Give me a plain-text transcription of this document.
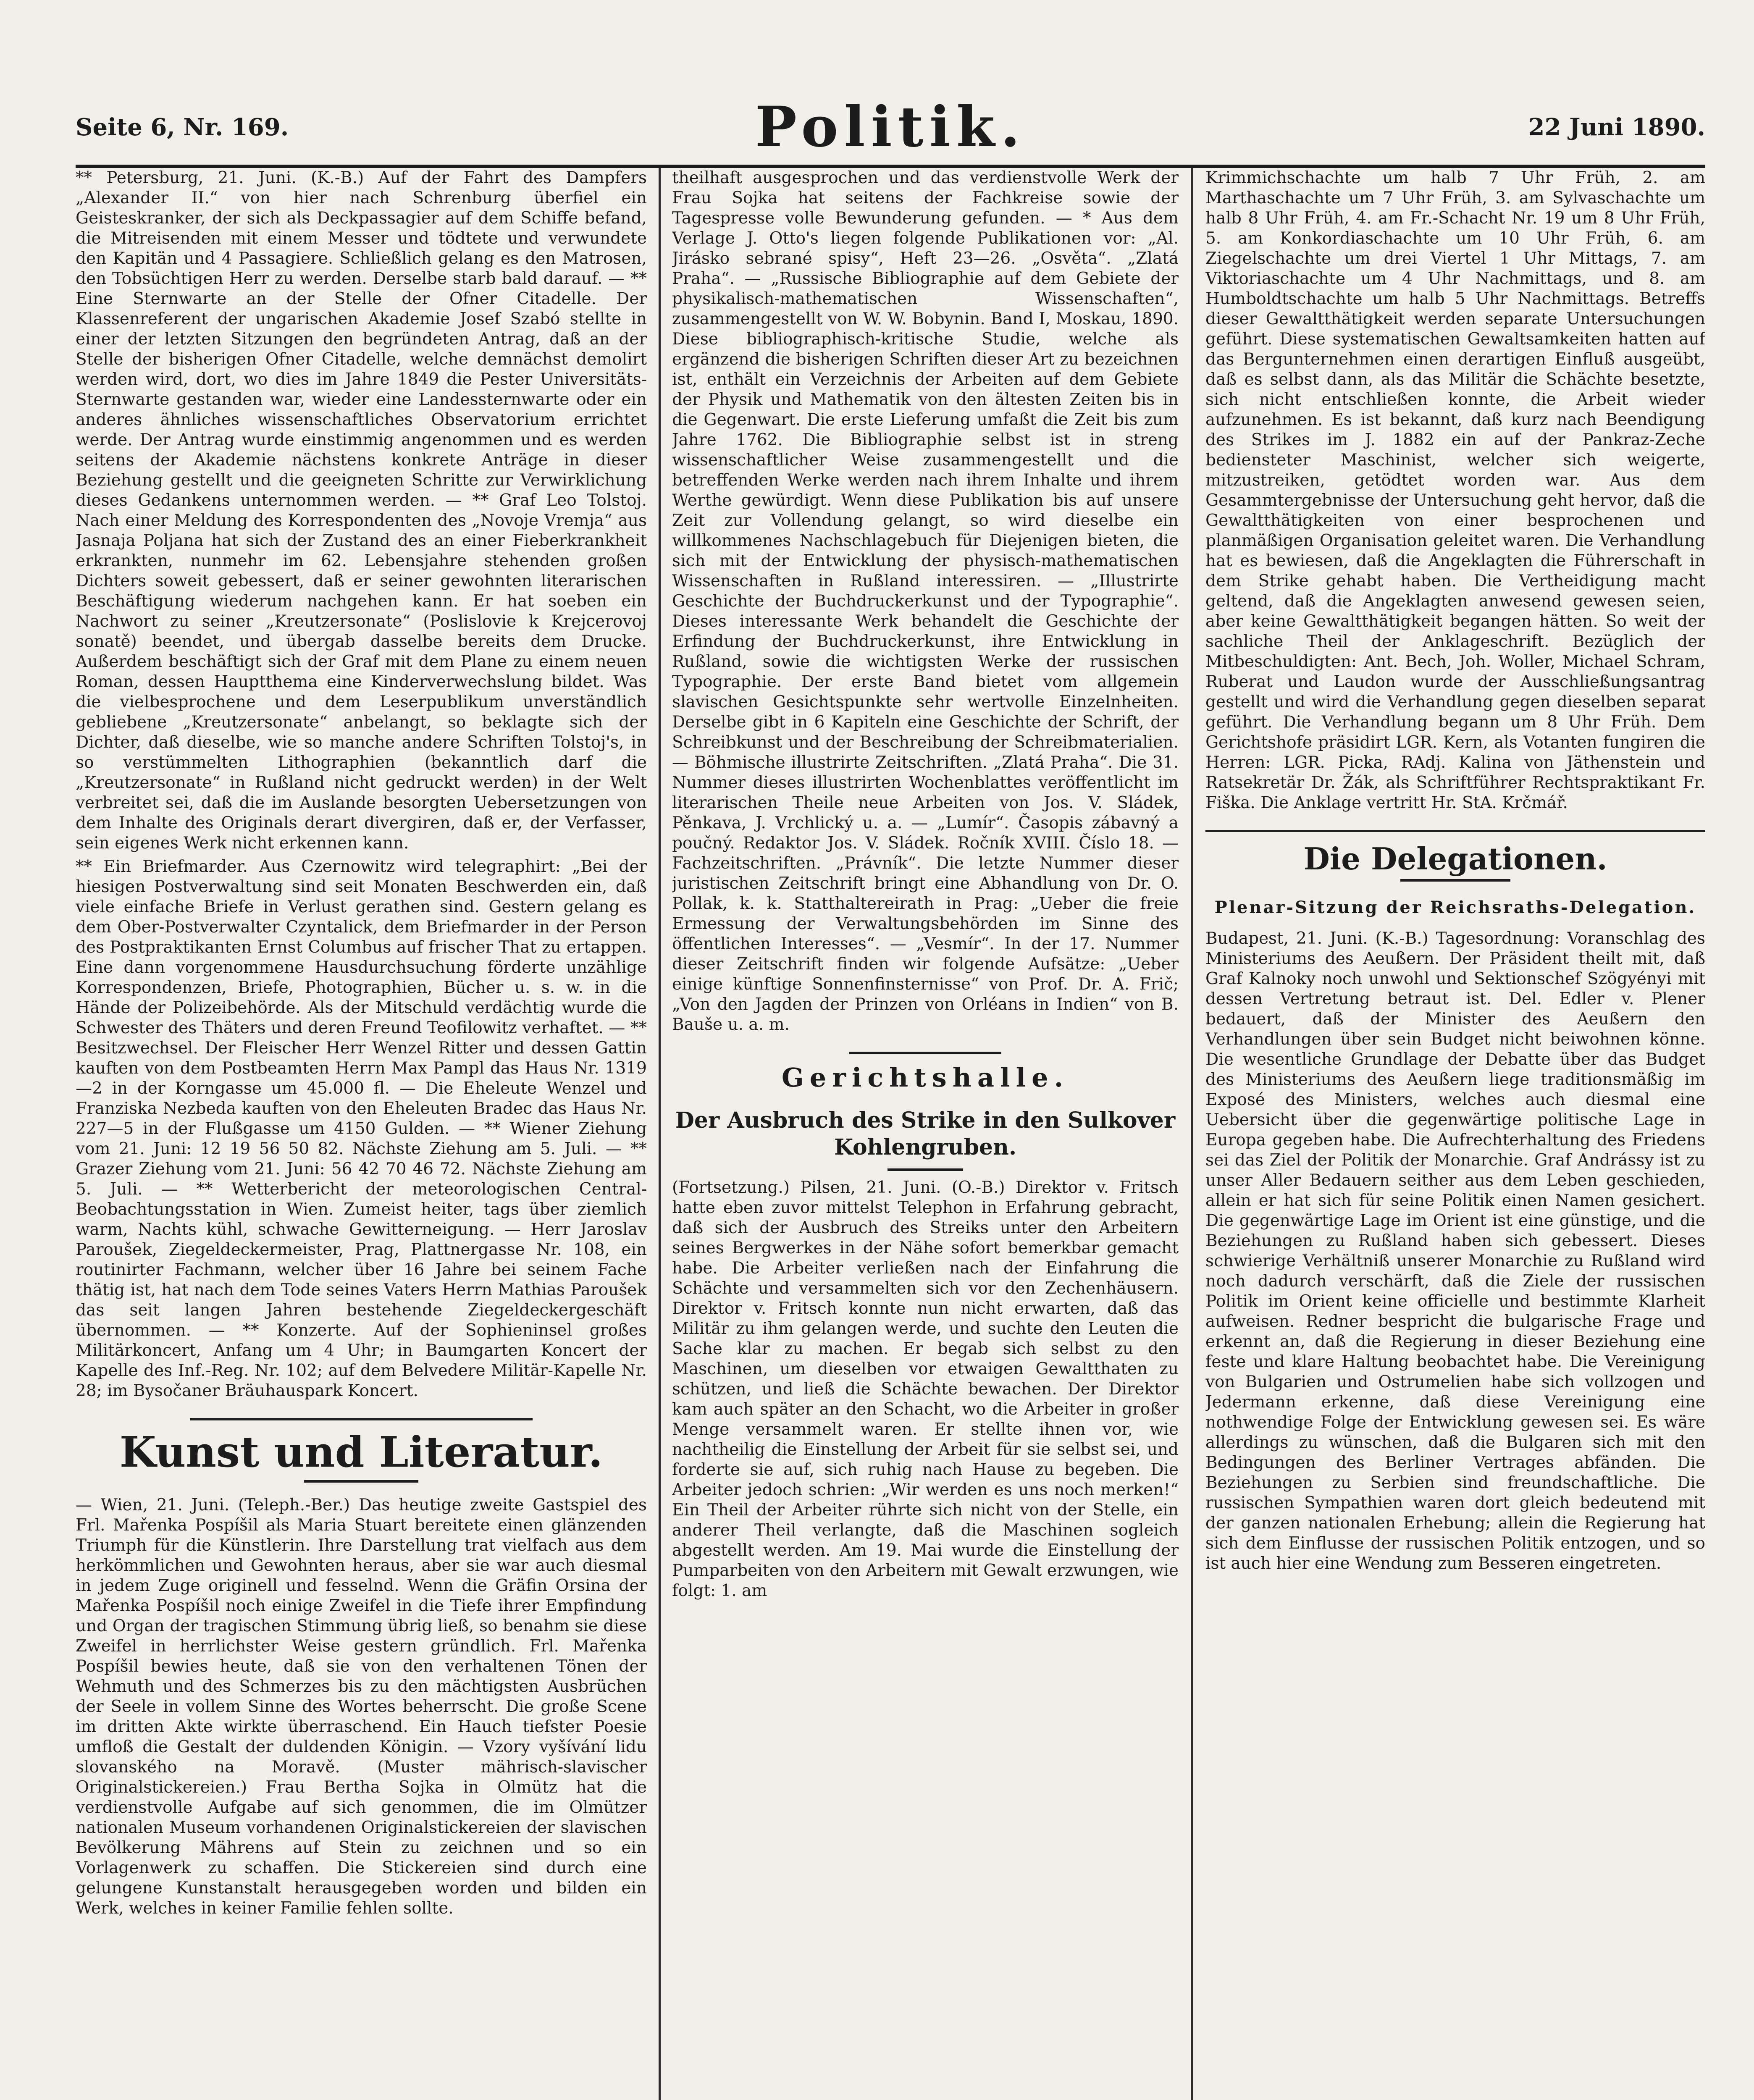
Seite 6, Nr. 169.	Politik.	22 Juni 1890.

** Petersburg, 21. Juni. (K.-B.) Auf der Fahrt des Dampfers „Alexander II.“ von hier nach Schrenburg überfiel ein Geisteskranker, der sich als Deckpassagier auf dem Schiffe befand, die Mitreisenden mit einem Messer und tödtete und verwundete den Kapitän und 4 Passagiere. Schließlich gelang es den Matrosen, den Tobsüchtigen Herr zu werden. Derselbe starb bald darauf. — ** Eine Sternwarte an der Stelle der Ofner Citadelle. Der Klassenreferent der ungarischen Akademie Josef Szabó stellte in einer der letzten Sitzungen den begründeten Antrag, daß an der Stelle der bisherigen Ofner Citadelle, welche demnächst demolirt werden wird, dort, wo dies im Jahre 1849 die Pester Universitäts-Sternwarte gestanden war, wieder eine Landessternwarte oder ein anderes ähnliches wissenschaftliches Observatorium errichtet werde. Der Antrag wurde einstimmig angenommen und es werden seitens der Akademie nächstens konkrete Anträge in dieser Beziehung gestellt und die geeigneten Schritte zur Verwirklichung dieses Gedankens unternommen werden. — ** Graf Leo Tolstoj. Nach einer Meldung des Korrespondenten des „Novoje Vremja“ aus Jasnaja Poljana hat sich der Zustand des an einer Fieberkrankheit erkrankten, nunmehr im 62. Lebensjahre stehenden großen Dichters soweit gebessert, daß er seiner gewohnten literarischen Beschäftigung wiederum nachgehen kann. Er hat soeben ein Nachwort zu seiner „Kreutzersonate“ (Poslislovie k Krejcerovoj sonatě) beendet, und übergab dasselbe bereits dem Drucke. Außerdem beschäftigt sich der Graf mit dem Plane zu einem neuen Roman, dessen Hauptthema eine Kinderverwechslung bildet. Was die vielbesprochene und dem Leserpublikum unverständlich gebliebene „Kreutzersonate“ anbelangt, so beklagte sich der Dichter, daß dieselbe, wie so manche andere Schriften Tolstoj's, in so verstümmelten Lithographien (bekanntlich darf die „Kreutzersonate“ in Rußland nicht gedruckt werden) in der Welt verbreitet sei, daß die im Auslande besorgten Uebersetzungen von dem Inhalte des Originals derart divergiren, daß er, der Verfasser, sein eigenes Werk nicht erkennen kann.

** Ein Briefmarder. Aus Czernowitz wird telegraphirt: „Bei der hiesigen Postverwaltung sind seit Monaten Beschwerden ein, daß viele einfache Briefe in Verlust gerathen sind. Gestern gelang es dem Ober-Postverwalter Czyntalick, dem Briefmarder in der Person des Postpraktikanten Ernst Columbus auf frischer That zu ertappen. Eine dann vorgenommene Hausdurchsuchung förderte unzählige Korrespondenzen, Briefe, Photographien, Bücher u. s. w. in die Hände der Polizeibehörde. Als der Mitschuld verdächtig wurde die Schwester des Thäters und deren Freund Teofilowitz verhaftet. — ** Besitzwechsel. Der Fleischer Herr Wenzel Ritter und dessen Gattin kauften von dem Postbeamten Herrn Max Pampl das Haus Nr. 1319—2 in der Korngasse um 45.000 fl. — Die Eheleute Wenzel und Franziska Nezbeda kauften von den Eheleuten Bradec das Haus Nr. 227—5 in der Flußgasse um 4150 Gulden. — ** Wiener Ziehung vom 21. Juni: 12 19 56 50 82. Nächste Ziehung am 5. Juli. — ** Grazer Ziehung vom 21. Juni: 56 42 70 46 72. Nächste Ziehung am 5. Juli. — ** Wetterbericht der meteorologischen Central-Beobachtungsstation in Wien. Zumeist heiter, tags über ziemlich warm, Nachts kühl, schwache Gewitterneigung. — Herr Jaroslav Paroušek, Ziegeldeckermeister, Prag, Plattnergasse Nr. 108, ein routinirter Fachmann, welcher über 16 Jahre bei seinem Fache thätig ist, hat nach dem Tode seines Vaters Herrn Mathias Paroušek das seit langen Jahren bestehende Ziegeldeckergeschäft übernommen. — ** Konzerte. Auf der Sophieninsel großes Militärkoncert, Anfang um 4 Uhr; in Baumgarten Koncert der Kapelle des Inf.-Reg. Nr. 102; auf dem Belvedere Militär-Kapelle Nr. 28; im Bysočaner Bräuhauspark Koncert.

Kunst und Literatur.

— Wien, 21. Juni. (Teleph.-Ber.) Das heutige zweite Gastspiel des Frl. Mařenka Pospíšil als Maria Stuart bereitete einen glänzenden Triumph für die Künstlerin. Ihre Darstellung trat vielfach aus dem herkömmlichen und Gewohnten heraus, aber sie war auch diesmal in jedem Zuge originell und fesselnd. Wenn die Gräfin Orsina der Mařenka Pospíšil noch einige Zweifel in die Tiefe ihrer Empfindung und Organ der tragischen Stimmung übrig ließ, so benahm sie diese Zweifel in herrlichster Weise gestern gründlich. Frl. Mařenka Pospíšil bewies heute, daß sie von den verhaltenen Tönen der Wehmuth und des Schmerzes bis zu den mächtigsten Ausbrüchen der Seele in vollem Sinne des Wortes beherrscht. Die große Scene im dritten Akte wirkte überraschend. Ein Hauch tiefster Poesie umfloß die Gestalt der duldenden Königin. — Vzory vyšívání lidu slovanského na Moravě. (Muster mährisch-slavischer Originalstickereien.) Frau Bertha Sojka in Olmütz hat die verdienstvolle Aufgabe auf sich genommen, die im Olmützer nationalen Museum vorhandenen Originalstickereien der slavischen Bevölkerung Mährens auf Stein zu zeichnen und so ein Vorlagenwerk zu schaffen. Die Stickereien sind durch eine gelungene Kunstanstalt herausgegeben worden und bilden ein Werk, welches in keiner Familie fehlen sollte.

theilhaft ausgesprochen und das verdienstvolle Werk der Frau Sojka hat seitens der Fachkreise sowie der Tagespresse volle Bewunderung gefunden. — * Aus dem Verlage J. Otto's liegen folgende Publikationen vor: „Al. Jirásko sebrané spisy“, Heft 23—26. „Osvěta“. „Zlatá Praha“. — „Russische Bibliographie auf dem Gebiete der physikalisch-mathematischen Wissenschaften“, zusammengestellt von W. W. Bobynin. Band I, Moskau, 1890. Diese bibliographisch-kritische Studie, welche als ergänzend die bisherigen Schriften dieser Art zu bezeichnen ist, enthält ein Verzeichnis der Arbeiten auf dem Gebiete der Physik und Mathematik von den ältesten Zeiten bis in die Gegenwart. Die erste Lieferung umfaßt die Zeit bis zum Jahre 1762. Die Bibliographie selbst ist in streng wissenschaftlicher Weise zusammengestellt und die betreffenden Werke werden nach ihrem Inhalte und ihrem Werthe gewürdigt. Wenn diese Publikation bis auf unsere Zeit zur Vollendung gelangt, so wird dieselbe ein willkommenes Nachschlagebuch für Diejenigen bieten, die sich mit der Entwicklung der physisch-mathematischen Wissenschaften in Rußland interessiren. — „Illustrirte Geschichte der Buchdruckerkunst und der Typographie“. Dieses interessante Werk behandelt die Geschichte der Erfindung der Buchdruckerkunst, ihre Entwicklung in Rußland, sowie die wichtigsten Werke der russischen Typographie. Der erste Band bietet vom allgemein slavischen Gesichtspunkte sehr wertvolle Einzelnheiten. Derselbe gibt in 6 Kapiteln eine Geschichte der Schrift, der Schreibkunst und der Beschreibung der Schreibmaterialien. — Böhmische illustrirte Zeitschriften. „Zlatá Praha“. Die 31. Nummer dieses illustrirten Wochenblattes veröffentlicht im literarischen Theile neue Arbeiten von Jos. V. Sládek, Pěnkava, J. Vrchlický u. a. — „Lumír“. Časopis zábavný a poučný. Redaktor Jos. V. Sládek. Ročník XVIII. Číslo 18. — Fachzeitschriften. „Právník“. Die letzte Nummer dieser juristischen Zeitschrift bringt eine Abhandlung von Dr. O. Pollak, k. k. Statthaltereirath in Prag: „Ueber die freie Ermessung der Verwaltungsbehörden im Sinne des öffentlichen Interesses“. — „Vesmír“. In der 17. Nummer dieser Zeitschrift finden wir folgende Aufsätze: „Ueber einige künftige Sonnenfinsternisse“ von Prof. Dr. A. Frič; „Von den Jagden der Prinzen von Orléans in Indien“ von B. Bauše u. a. m.

Gerichtshalle.
Der Ausbruch des Strike in den Sulkover Kohlengruben.

(Fortsetzung.) Pilsen, 21. Juni. (O.-B.) Direktor v. Fritsch hatte eben zuvor mittelst Telephon in Erfahrung gebracht, daß sich der Ausbruch des Streiks unter den Arbeitern seines Bergwerkes in der Nähe sofort bemerkbar gemacht habe. Die Arbeiter verließen nach der Einfahrung die Schächte und versammelten sich vor den Zechenhäusern. Direktor v. Fritsch konnte nun nicht erwarten, daß das Militär zu ihm gelangen werde, und suchte den Leuten die Sache klar zu machen. Er begab sich selbst zu den Maschinen, um dieselben vor etwaigen Gewaltthaten zu schützen, und ließ die Schächte bewachen. Der Direktor kam auch später an den Schacht, wo die Arbeiter in großer Menge versammelt waren. Er stellte ihnen vor, wie nachtheilig die Einstellung der Arbeit für sie selbst sei, und forderte sie auf, sich ruhig nach Hause zu begeben. Die Arbeiter jedoch schrien: „Wir werden es uns noch merken!“ Ein Theil der Arbeiter rührte sich nicht von der Stelle, ein anderer Theil verlangte, daß die Maschinen sogleich abgestellt werden. Am 19. Mai wurde die Einstellung der Pumparbeiten von den Arbeitern mit Gewalt erzwungen, wie folgt: 1. am

Krimmichschachte um halb 7 Uhr Früh, 2. am Marthaschachte um 7 Uhr Früh, 3. am Sylvaschachte um halb 8 Uhr Früh, 4. am Fr.-Schacht Nr. 19 um 8 Uhr Früh, 5. am Konkordiaschachte um 10 Uhr Früh, 6. am Ziegelschachte um drei Viertel 1 Uhr Mittags, 7. am Viktoriaschachte um 4 Uhr Nachmittags, und 8. am Humboldtschachte um halb 5 Uhr Nachmittags. Betreffs dieser Gewaltthätigkeit werden separate Untersuchungen geführt. Diese systematischen Gewaltsamkeiten hatten auf das Bergunternehmen einen derartigen Einfluß ausgeübt, daß es selbst dann, als das Militär die Schächte besetzte, sich nicht entschließen konnte, die Arbeit wieder aufzunehmen. Es ist bekannt, daß kurz nach Beendigung des Strikes im J. 1882 ein auf der Pankraz-Zeche bediensteter Maschinist, welcher sich weigerte, mitzustreiken, getödtet worden war. Aus dem Gesammtergebnisse der Untersuchung geht hervor, daß die Gewaltthätigkeiten von einer besprochenen und planmäßigen Organisation geleitet waren. Die Verhandlung hat es bewiesen, daß die Angeklagten die Führerschaft in dem Strike gehabt haben. Die Vertheidigung macht geltend, daß die Angeklagten anwesend gewesen seien, aber keine Gewaltthätigkeit begangen hätten. So weit der sachliche Theil der Anklageschrift. Bezüglich der Mitbeschuldigten: Ant. Bech, Joh. Woller, Michael Schram, Ruberat und Laudon wurde der Ausschließungsantrag gestellt und wird die Verhandlung gegen dieselben separat geführt. Die Verhandlung begann um 8 Uhr Früh. Dem Gerichtshofe präsidirt LGR. Kern, als Votanten fungiren die Herren: LGR. Picka, RAdj. Kalina von Jäthenstein und Ratsekretär Dr. Žák, als Schriftführer Rechtspraktikant Fr. Fiška. Die Anklage vertritt Hr. StA. Krčmář.

Die Delegationen.
Plenar-Sitzung der Reichsraths-Delegation.

Budapest, 21. Juni. (K.-B.) Tagesordnung: Voranschlag des Ministeriums des Aeußern. Der Präsident theilt mit, daß Graf Kalnoky noch unwohl und Sektionschef Szögyényi mit dessen Vertretung betraut ist. Del. Edler v. Plener bedauert, daß der Minister des Aeußern den Verhandlungen über sein Budget nicht beiwohnen könne. Die wesentliche Grundlage der Debatte über das Budget des Ministeriums des Aeußern liege traditionsmäßig im Exposé des Ministers, welches auch diesmal eine Uebersicht über die gegenwärtige politische Lage in Europa gegeben habe. Die Aufrechterhaltung des Friedens sei das Ziel der Politik der Monarchie. Graf Andrássy ist zu unser Aller Bedauern seither aus dem Leben geschieden, allein er hat sich für seine Politik einen Namen gesichert. Die gegenwärtige Lage im Orient ist eine günstige, und die Beziehungen zu Rußland haben sich gebessert. Dieses schwierige Verhältniß unserer Monarchie zu Rußland wird noch dadurch verschärft, daß die Ziele der russischen Politik im Orient keine officielle und bestimmte Klarheit aufweisen. Redner bespricht die bulgarische Frage und erkennt an, daß die Regierung in dieser Beziehung eine feste und klare Haltung beobachtet habe. Die Vereinigung von Bulgarien und Ostrumelien habe sich vollzogen und Jedermann erkenne, daß diese Vereinigung eine nothwendige Folge der Entwicklung gewesen sei. Es wäre allerdings zu wünschen, daß die Bulgaren sich mit den Bedingungen des Berliner Vertrages abfänden. Die Beziehungen zu Serbien sind freundschaftliche. Die russischen Sympathien waren dort gleich bedeutend mit der ganzen nationalen Erhebung; allein die Regierung hat sich dem Einflusse der russischen Politik entzogen, und so ist auch hier eine Wendung zum Besseren eingetreten.
